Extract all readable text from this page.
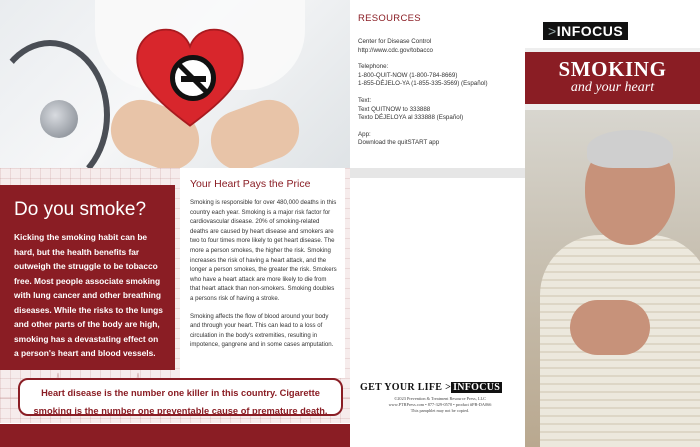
Do you smoke?

Kicking the smoking habit can be hard, but the health benefits far outweigh the struggle to be tobacco free. Most people associate smoking with lung cancer and other breathing diseases. While the risks to the lungs and other parts of the body are high, smoking has a devastating effect on a person's heart and blood vessels.

Your Heart Pays the Price

Smoking is responsible for over 480,000 deaths in this country each year. Smoking is a major risk factor for cardiovascular disease. 20% of smoking-related deaths are caused by heart disease and smokers are two to four times more likely to get heart disease. The more a person smokes, the higher the risk. Smoking increases the risk of having a heart attack, and the longer a person smokes, the greater the risk. Smokers who have a heart attack are more likely to die from that heart attack than non-smokers. Smoking doubles a persons risk of having a stroke.

Smoking affects the flow of blood around your body and through your heart. This can lead to a loss of circulation in the body's extremities, resulting in impotence, gangrene and in some cases amputation.

Heart disease is the number one killer in this country. Cigarette
smoking is the number one preventable cause of premature death.
RESOURCES
Center for Disease Control
http://www.cdc.gov/tobacco
Telephone:
1-800-QUIT-NOW (1-800-784-8669)
1-855-DÉJELO-YA (1-855-335-3569) (Español)
Text:
Text QUITNOW to 333888
Texto DÉJELOYA al 333888 (Español)
App:
Download the quitSTART app
GET YOUR LIFE > INFOCUS
©2023 Prevention & Treatment Resource Press, LLC
www.PTRPress.com • 877-329-0570 • product #PB-DA066
This pamphlet may not be copied.
>INFOCUS
SMOKING
and your heart
